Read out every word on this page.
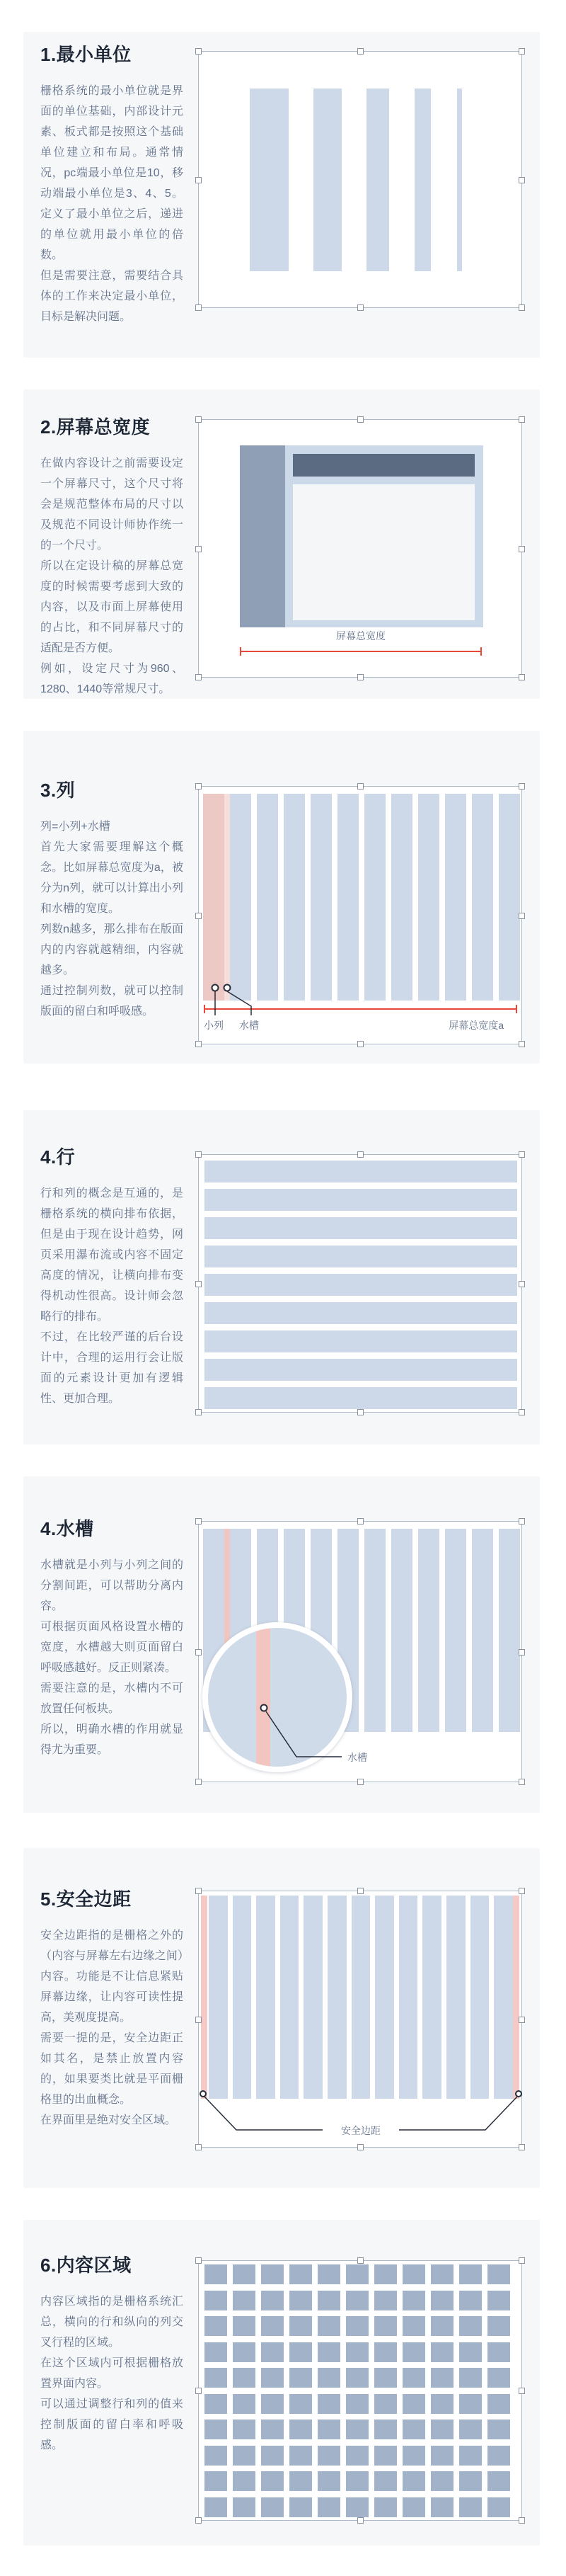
1.最小单位

栅格系统的最小单位就是界面的单位基础，内部设计元素、板式都是按照这个基础单位建立和布局。通常情况，pc端最小单位是10，移动端最小单位是3、4、5。定义了最小单位之后，递进的单位就用最小单位的倍数。

但是需要注意，需要结合具体的工作来决定最小单位，目标是解决问题。

2.屏幕总宽度

在做内容设计之前需要设定一个屏幕尺寸，这个尺寸将会是规范整体布局的尺寸以及规范不同设计师协作统一的一个尺寸。

所以在定设计稿的屏幕总宽度的时候需要考虑到大致的内容，以及市面上屏幕使用的占比，和不同屏幕尺寸的适配是否方便。

例如，设定尺寸为960、1280、1440等常规尺寸。

屏幕总宽度
3.列

列=小列+水槽

首先大家需要理解这个概念。比如屏幕总宽度为a，被分为n列，就可以计算出小列和水槽的宽度。

列数n越多，那么排布在版面内的内容就越精细，内容就越多。

通过控制列数，就可以控制版面的留白和呼吸感。

小列 水槽	屏幕总宽度a
4.行

行和列的概念是互通的，是栅格系统的横向排布依据，但是由于现在设计趋势，网页采用瀑布流或内容不固定高度的情况，让横向排布变得机动性很高。设计师会忽略行的排布。

不过，在比较严谨的后台设计中，合理的运用行会让版面的元素设计更加有逻辑性、更加合理。

4.水槽

水槽就是小列与小列之间的分割间距，可以帮助分离内容。

可根据页面风格设置水槽的宽度，水槽越大则页面留白呼吸感越好。反正则紧凑。

需要注意的是，水槽内不可放置任何板块。

所以，明确水槽的作用就显得尤为重要。

水槽
5.安全边距

安全边距指的是栅格之外的（内容与屏幕左右边缘之间）内容。功能是不让信息紧贴屏幕边缘，让内容可读性提高，美观度提高。

需要一提的是，安全边距正如其名，是禁止放置内容的，如果要类比就是平面栅格里的出血概念。

在界面里是绝对安全区域。

安全边距
6.内容区域

内容区域指的是栅格系统汇总，横向的行和纵向的列交叉行程的区域。

在这个区域内可根据栅格放置界面内容。

可以通过调整行和列的值来控制版面的留白率和呼吸感。
